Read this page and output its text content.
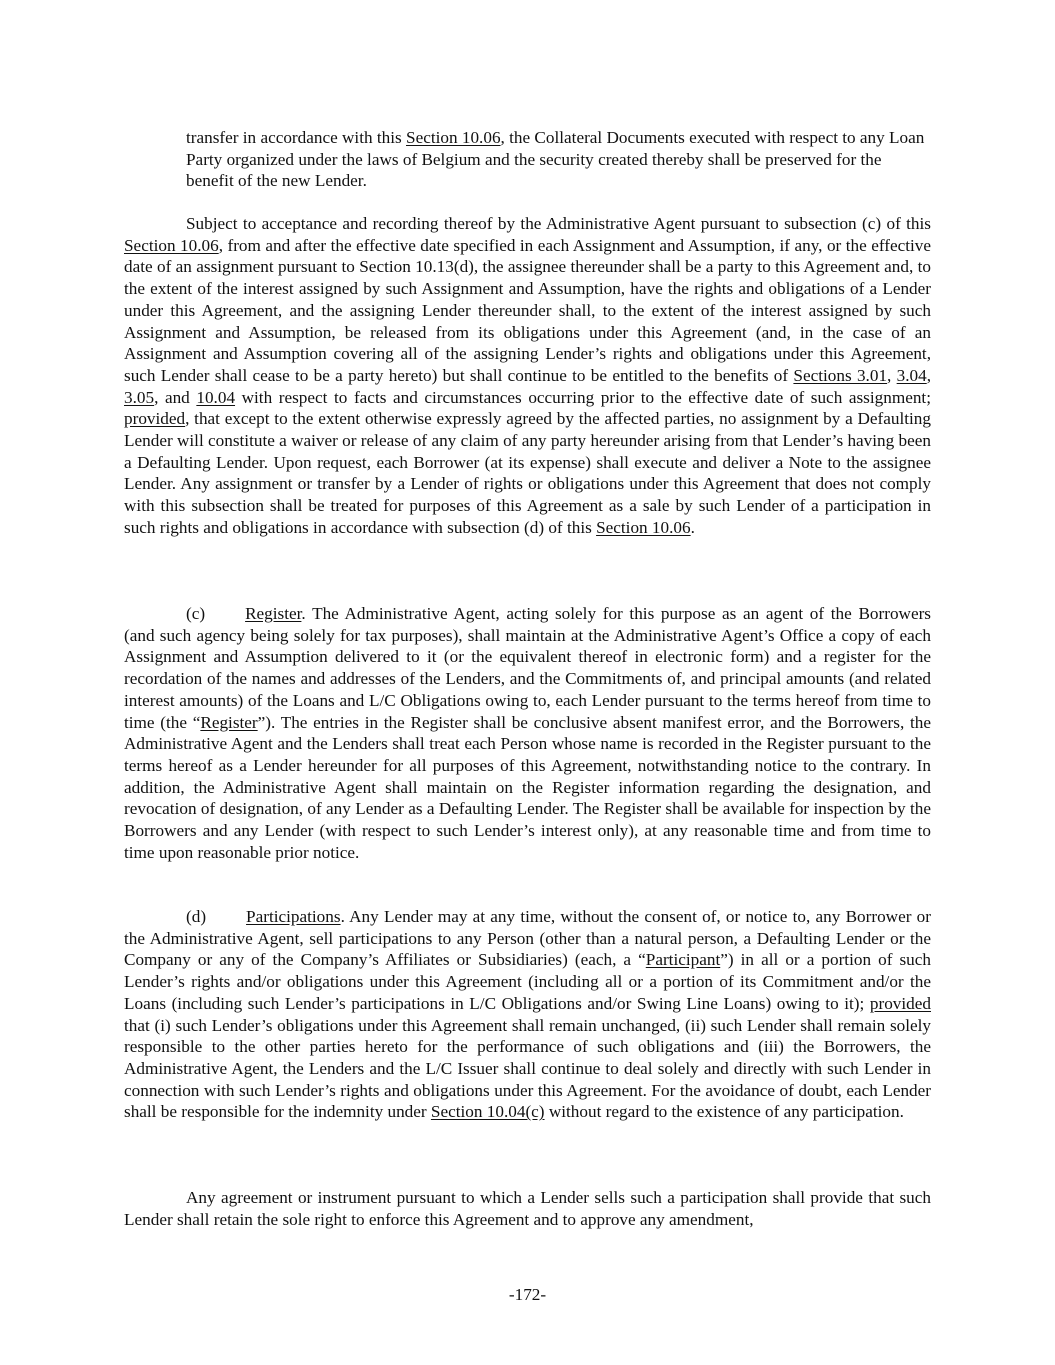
transfer in accordance with this Section 10.06, the Collateral Documents executed with respect to any Loan Party organized under the laws of Belgium and the security created thereby shall be preserved for the benefit of the new Lender.

Subject to acceptance and recording thereof by the Administrative Agent pursuant to subsection (c) of this Section 10.06, from and after the effective date specified in each Assignment and Assumption, if any, or the effective date of an assignment pursuant to Section 10.13(d), the assignee thereunder shall be a party to this Agreement and, to the extent of the interest assigned by such Assignment and Assumption, have the rights and obligations of a Lender under this Agreement, and the assigning Lender thereunder shall, to the extent of the interest assigned by such Assignment and Assumption, be released from its obligations under this Agreement (and, in the case of an Assignment and Assumption covering all of the assigning Lender’s rights and obligations under this Agreement, such Lender shall cease to be a party hereto) but shall continue to be entitled to the benefits of Sections 3.01, 3.04, 3.05, and 10.04 with respect to facts and circumstances occurring prior to the effective date of such assignment; provided, that except to the extent otherwise expressly agreed by the affected parties, no assignment by a Defaulting Lender will constitute a waiver or release of any claim of any party hereunder arising from that Lender’s having been a Defaulting Lender. Upon request, each Borrower (at its expense) shall execute and deliver a Note to the assignee Lender. Any assignment or transfer by a Lender of rights or obligations under this Agreement that does not comply with this subsection shall be treated for purposes of this Agreement as a sale by such Lender of a participation in such rights and obligations in accordance with subsection (d) of this Section 10.06.

(c) Register. The Administrative Agent, acting solely for this purpose as an agent of the Borrowers (and such agency being solely for tax purposes), shall maintain at the Administrative Agent’s Office a copy of each Assignment and Assumption delivered to it (or the equivalent thereof in electronic form) and a register for the recordation of the names and addresses of the Lenders, and the Commitments of, and principal amounts (and related interest amounts) of the Loans and L/C Obligations owing to, each Lender pursuant to the terms hereof from time to time (the “Register”). The entries in the Register shall be conclusive absent manifest error, and the Borrowers, the Administrative Agent and the Lenders shall treat each Person whose name is recorded in the Register pursuant to the terms hereof as a Lender hereunder for all purposes of this Agreement, notwithstanding notice to the contrary. In addition, the Administrative Agent shall maintain on the Register information regarding the designation, and revocation of designation, of any Lender as a Defaulting Lender. The Register shall be available for inspection by the Borrowers and any Lender (with respect to such Lender’s interest only), at any reasonable time and from time to time upon reasonable prior notice.

(d) Participations. Any Lender may at any time, without the consent of, or notice to, any Borrower or the Administrative Agent, sell participations to any Person (other than a natural person, a Defaulting Lender or the Company or any of the Company’s Affiliates or Subsidiaries) (each, a “Participant”) in all or a portion of such Lender’s rights and/or obligations under this Agreement (including all or a portion of its Commitment and/or the Loans (including such Lender’s participations in L/C Obligations and/or Swing Line Loans) owing to it); provided that (i) such Lender’s obligations under this Agreement shall remain unchanged, (ii) such Lender shall remain solely responsible to the other parties hereto for the performance of such obligations and (iii) the Borrowers, the Administrative Agent, the Lenders and the L/C Issuer shall continue to deal solely and directly with such Lender in connection with such Lender’s rights and obligations under this Agreement. For the avoidance of doubt, each Lender shall be responsible for the indemnity under Section 10.04(c) without regard to the existence of any participation.

Any agreement or instrument pursuant to which a Lender sells such a participation shall provide that such Lender shall retain the sole right to enforce this Agreement and to approve any amendment,

-172-
